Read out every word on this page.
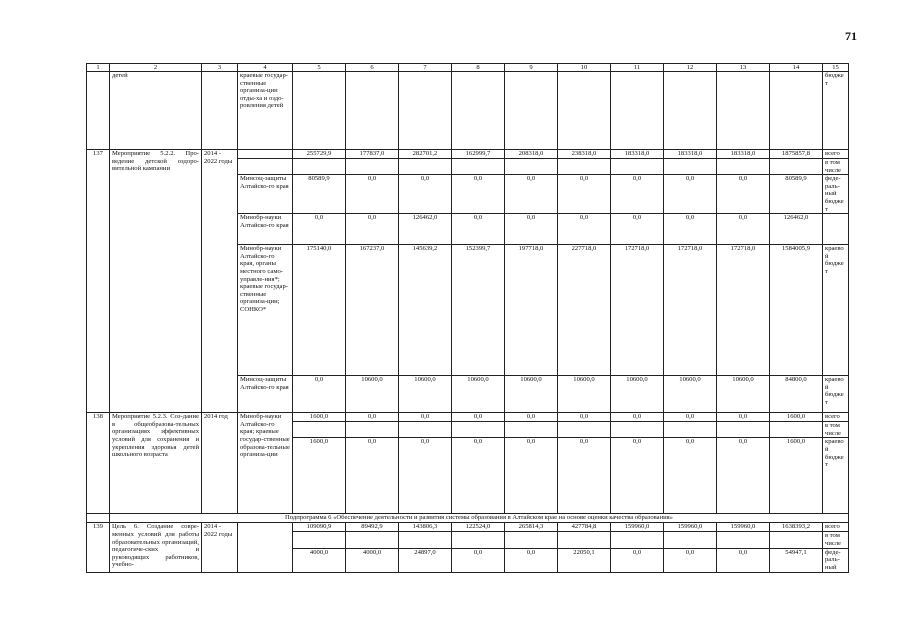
71
1	2	3	4	5	6	7	8	9	10	11	12	13	14	15
	детей		краевые государ-ственные организа-ции отды-ха и оздо-ровления детей											бюджет
137	Мероприятие 5.2.2. Про-ведение детской оздоро-вительной кампании	2014 - 2022 годы		255729,9	177837,0	282701,2	162999,7	208318,0	238318,0	183318,0	183318,0	183318,0	1875857,8	всего
														в том числе
			Минсоц-защиты Алтайско-го края	80589,9	0,0	0,0	0,0	0,0	0,0	0,0	0,0	0,0	80589,9	феде-раль-ный бюджет
			Минобр-науки Алтайско-го края	0,0	0,0	126462,0	0,0	0,0	0,0	0,0	0,0	0,0	126462,0	
			Минобр-науки Алтайско-го края, органы местного само-управле-ния*; краевые государ-ственные организа-ции; СОНКО*	175140,0	167237,0	145639,2	152399,7	197718,0	227718,0	172718,0	172718,0	172718,0	1584005,9	краевой бюджет
			Минсоц-защиты Алтайско-го края	0,0	10600,0	10600,0	10600,0	10600,0	10600,0	10600,0	10600,0	10600,0	84800,0	краевой бюджет
138	Мероприятие 5.2.3. Соз-дание в общеобразова-тельных организациях эффективных условий для сохранения и укрепления здоровья детей школьного возраста	2014 год	Минобр-науки Алтайско-го края; краевые государ-ственные образова-тельные организа-ции	1600,0	0,0	0,0	0,0	0,0	0,0	0,0	0,0	0,0	1600,0	всего
														в том числе
				1600,0	0,0	0,0	0,0	0,0	0,0	0,0	0,0	0,0	1600,0	краевой бюджет
	Подпрограмма 6 «Обеспечение деятельности и развития системы образования в Алтайском крае на основе оценки качества образования»													
139	Цель 6. Создание совре-менных условий для работы образовательных организаций, педагогиче-ских и руководящих работников, учебно-	2014 - 2022 годы		109090,9	89492,9	143806,3	122524,0	265814,3	427784,8	159960,0	159960,0	159960,0	1638393,2	всего
														в том числе
				4000,0	4000,0	24897,0	0,0	0,0	22050,1	0,0	0,0	0,0	54947,1	феде-раль-ный
